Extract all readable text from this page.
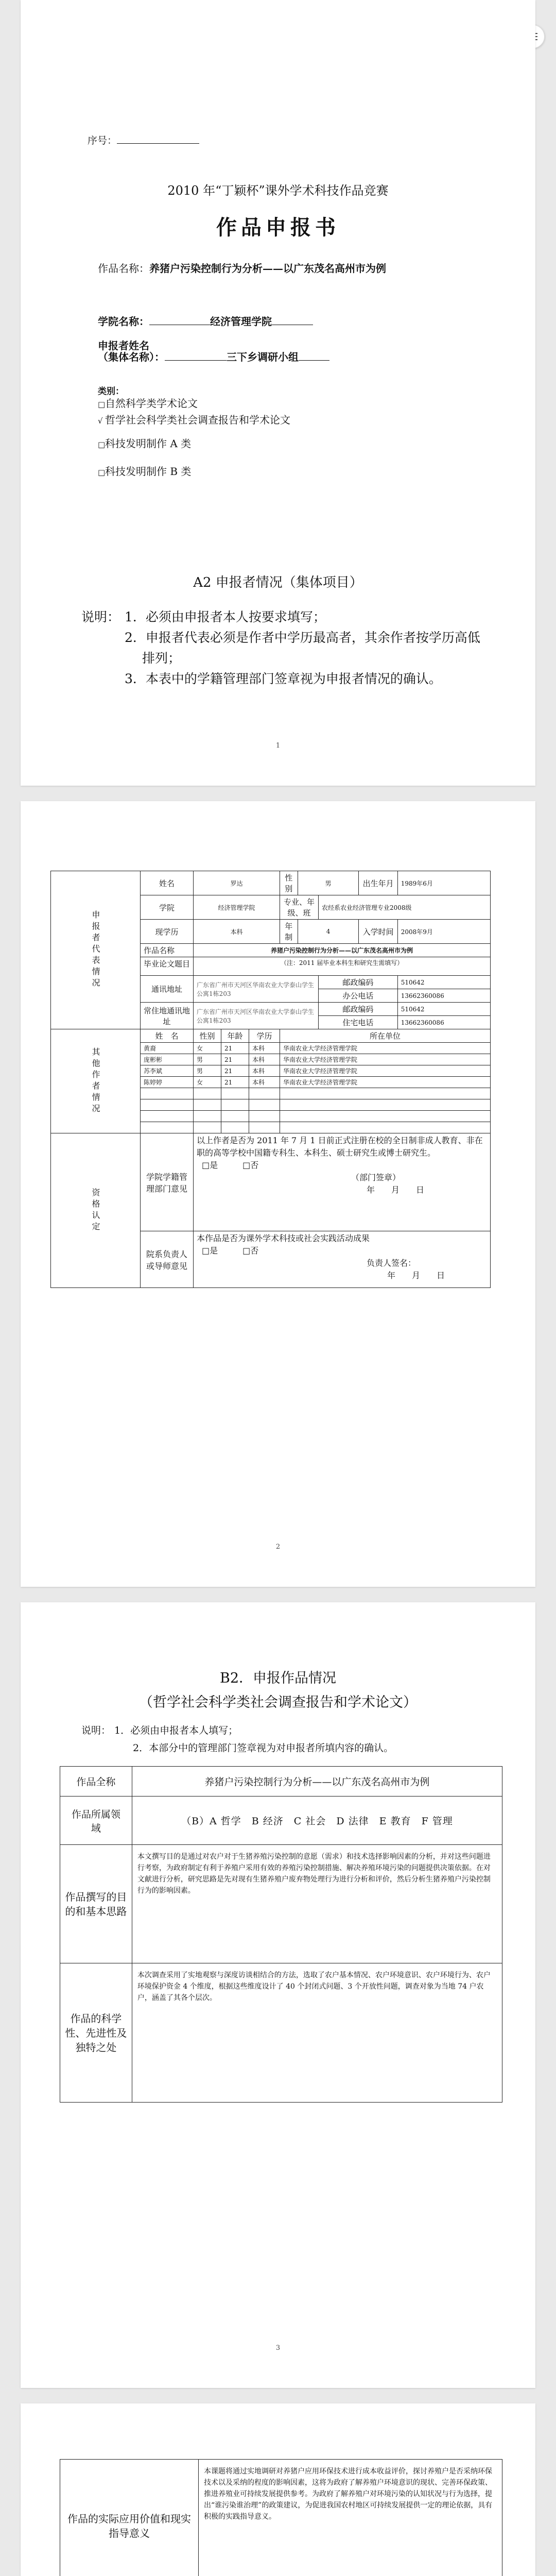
序号：
2010 年“丁颖杯”课外学术科技作品竞赛
作品申报书
作品名称：养猪户污染控制行为分析——以广东茂名高州市为例
学院名称：	经济管理学院
申报者姓名
（集体名称）：	三下乡调研小组
类别：
□自然科学类学术论文
√ 哲学社会科学类社会调查报告和学术论文
□科技发明制作 A 类
□科技发明制作 B 类
A2 申报者情况（集体项目）
说明： 1．必须由申报者本人按要求填写；

2．申报者代表必须是作者中学历最高者，其余作者按学历高低排列；

3．本表中的学籍管理部门签章视为申报者情况的确认。

1
申报者代表情况	姓名	罗达			性别	男		出生年月	1989年6月
	学院	经济管理学院			专业、年级、班		农经系农业经济管理专业2008级		
	现学历	本科			年制	4		入学时间	2008年9月
	作品名称	养猪户污染控制行为分析——以广东茂名高州市为例							
	毕业论文题目	（注：2011 届毕业本科生和研究生需填写）							
	通讯地址	广东省广州市天河区华南农业大学泰山学生公寓1栋203					邮政编码		510642
							办公电话		13662360086
	常住地通讯地址	广东省广州市天河区华南农业大学泰山学生公寓1栋203					邮政编码		510642
							住宅电话		13662360086
其他作者情况	姓　名	性别	年龄	学历	所在单位				
	黄裔	女	21	本科	华南农业大学经济管理学院				
	庞彬彬	男	21	本科	华南农业大学经济管理学院				
	苏李斌	男	21	本科	华南农业大学经济管理学院				
	陈婷婷	女	21	本科	华南农业大学经济管理学院				

资格认定	学院学籍管理部门意见	以上作者是否为 2011 年 7 月 1 日前正式注册在校的全日制非成人教育、非在职的高等学校中国籍专科生、本科生、硕士研究生或博士研究生。
□是　　　□否
（部门签章）
年　　月　　日							

	院系负责人或导师意见	本作品是否为课外学术科技或社会实践活动成果
□是　　　□否
负责人签名：
年　　月　　日							
2
B2．申报作品情况
（哲学社会科学类社会调查报告和学术论文）
说明： 1．必须由申报者本人填写；

2．本部分中的管理部门签章视为对申报者所填内容的确认。

作品全称	养猪户污染控制行为分析——以广东茂名高州市为例
作品所属领　域	（B）A 哲学　B 经济　C 社会　D 法律　E 教育　F 管理
作品撰写的目的和基本思路	本文撰写目的是通过对农户对于生猪养殖污染控制的意愿（需求）和技术选择影响因素的分析，并对这些问题进行考察，为政府制定有利于养殖户采用有效的养殖污染控制措施、解决养殖环境污染的问题提供决策依据。在对文献进行分析，研究思路是先对现有生猪养殖户废弃物处理行为进行分析和评价，然后分析生猪养殖户污染控制行为的影响因素。
作品的科学性、先进性及独特之处	本次调查采用了实地观察与深度访谈相结合的方法，选取了农户基本情况、农户环境意识、农户环境行为、农户环境保护资金 4 个维度，根据这些维度设计了 40 个封闭式问题、3 个开放性问题，调查对象为当地 74 户农户，涵盖了其各个层次。
3
作品的实际应用价值和现实指导意义	本课题将通过实地调研对养猪户应用环保技术进行成本收益评价，探讨养殖户是否采纳环保技术以及采纳的程度的影响因素，这将为政府了解养殖户环境意识的现状、完善环保政策、推进养殖业可持续发展提供参考。为政府了解养殖户对环境污染的认知状况与行为选择，提出“谁污染谁治理”的政策建议，为促进我国农村地区可持续发展提供一定的理论依据，具有积极的实践指导意义。
